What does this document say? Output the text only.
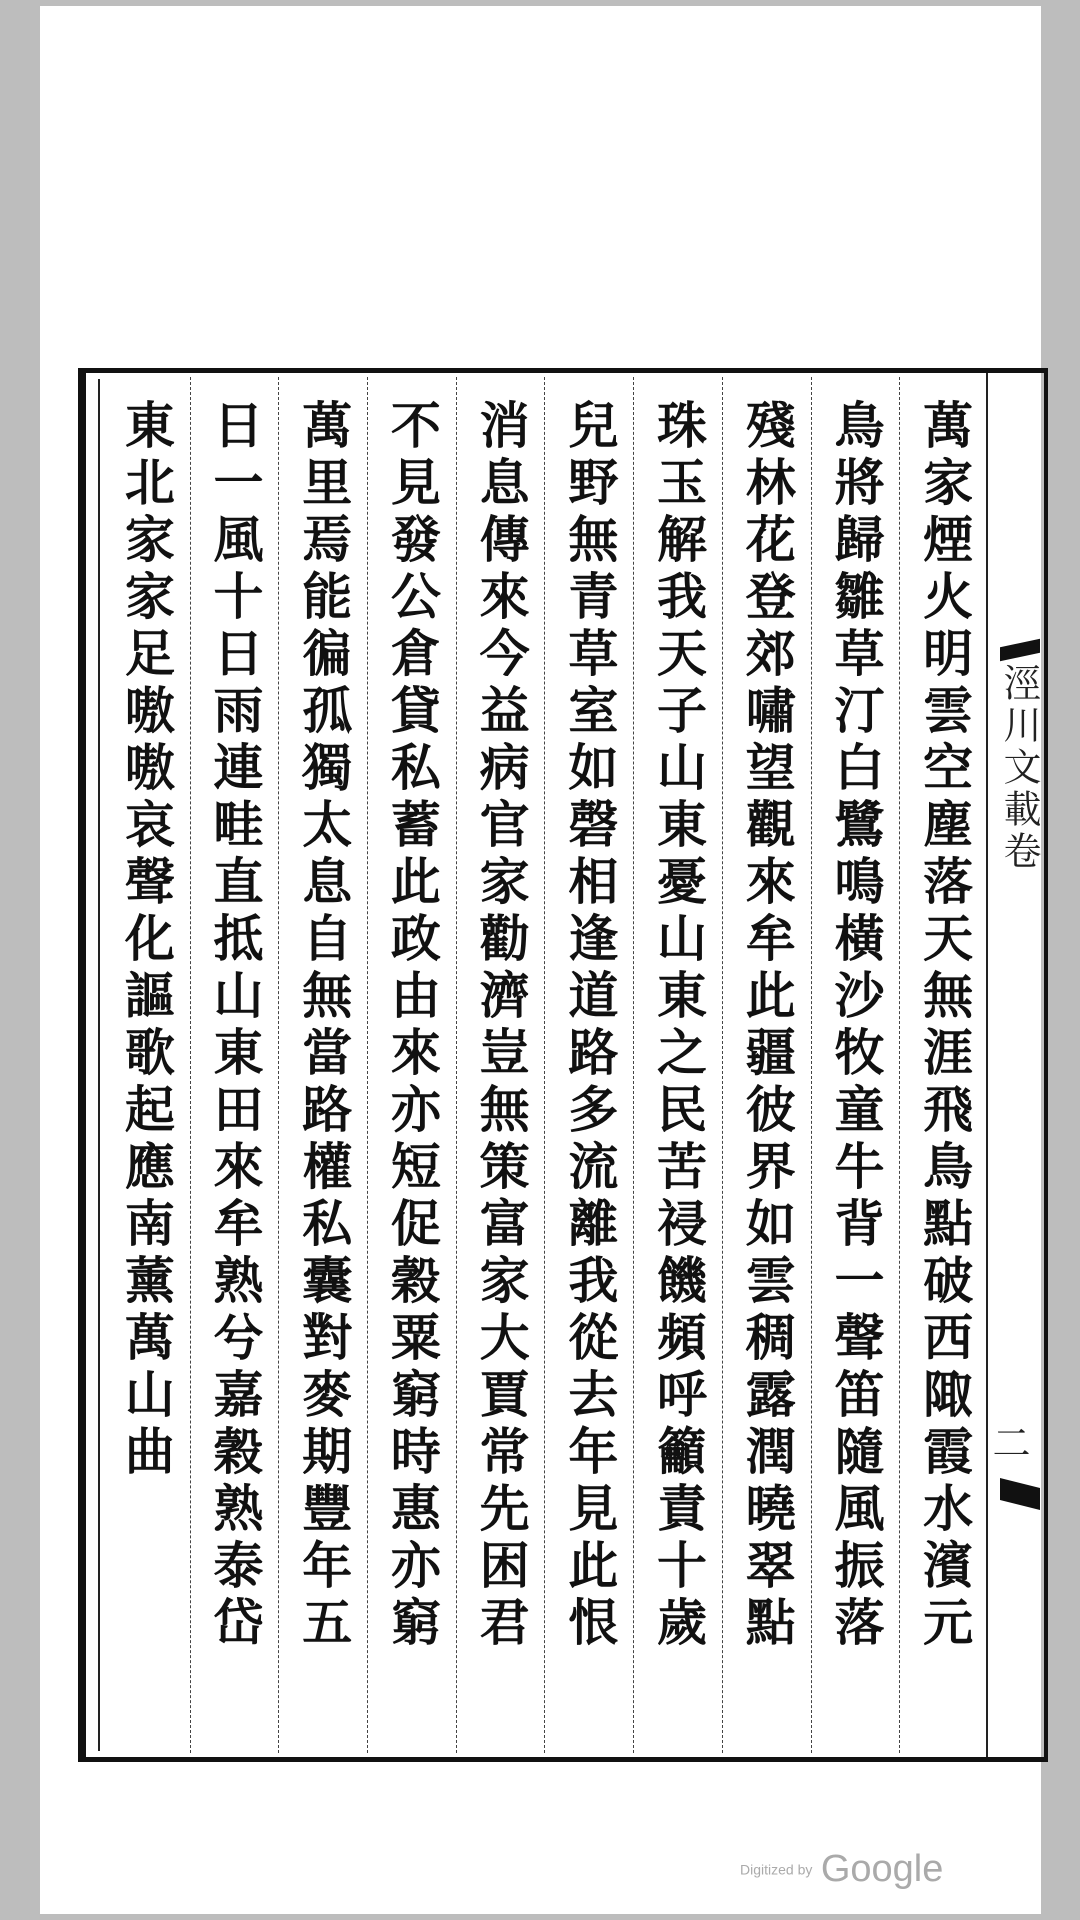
萬家煙火明雲空塵落天無涯飛鳥點破西陬霞水濱元
鳥將歸雛草汀白鷺鳴橫沙牧童牛背一聲笛隨風振落
殘林花登郊嘯望觀來牟此疆彼界如雲稠露潤曉翠點
珠玉解我天子山東憂山東之民苦祲饑頻呼籲責十歲
兒野無青草室如磬相逢道路多流離我從去年見此恨
消息傳來今益病官家勸濟豈無策富家大賈常先困君
不見發公倉貸私蓄此政由來亦短促穀粟窮時惠亦窮
萬里焉能徧孤獨太息自無當路權私囊對麥期豐年五
日一風十日雨連畦直抵山東田來牟熟兮嘉穀熟泰岱
東北家家足嗷嗷哀聲化謳歌起應南薰萬山曲	涇川文載卷
二
Digitized by Google
